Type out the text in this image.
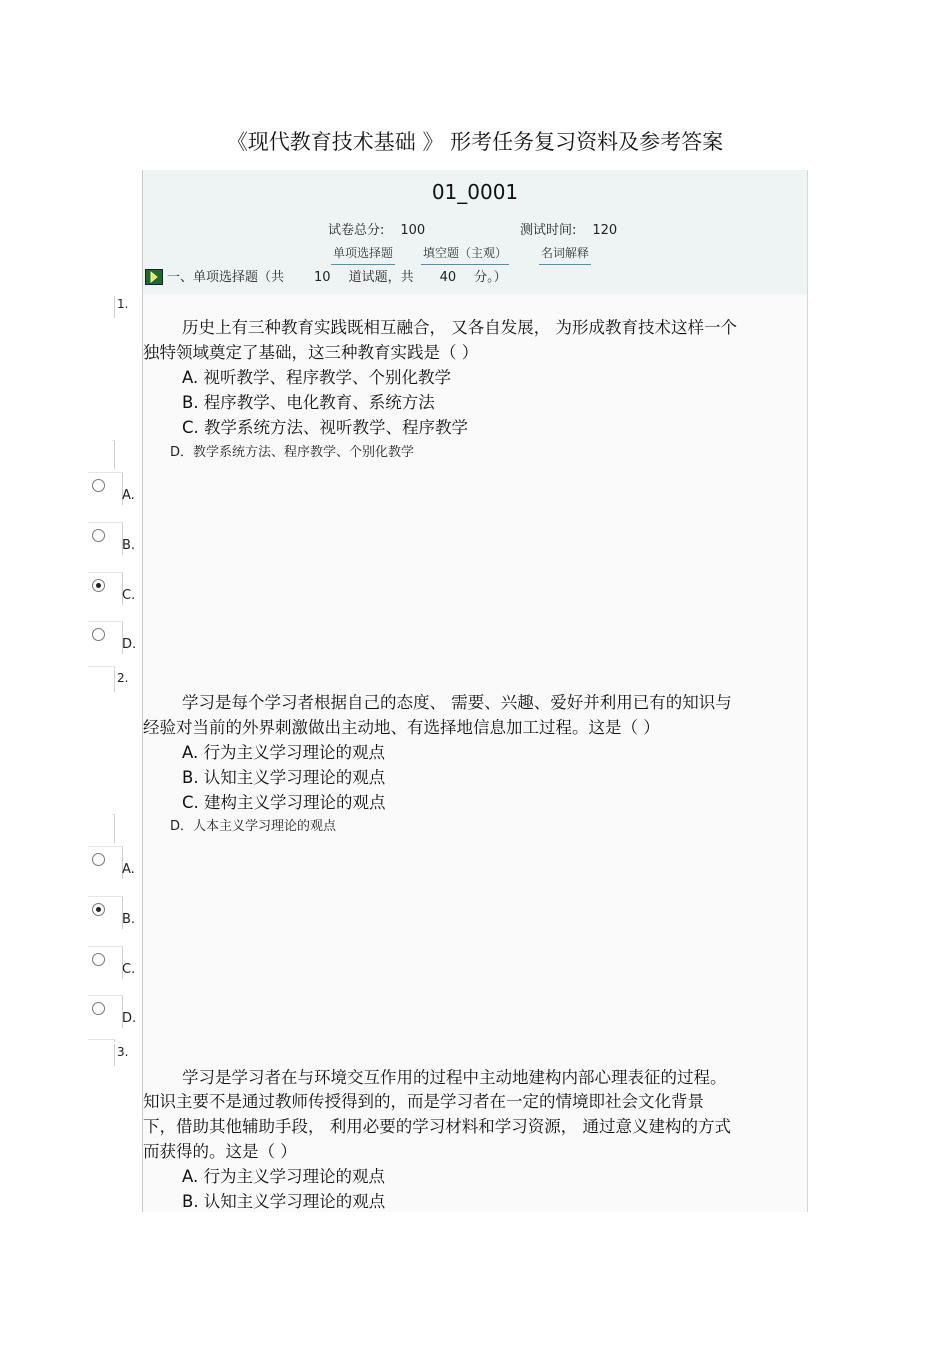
《现代教育技术基础 》 形考任务复习资料及参考答案
01_0001
试卷总分: 100	测试时间: 120
单项选择题 填空题（主观）	名词解释
一、单项选择题（共 10 道试题，共 40 分。）
1.
历史上有三种教育实践既相互融合， 又各自发展， 为形成教育技术这样一个
独特领域奠定了基础，这三种教育实践是（ ）
A. 视听教学、程序教学、个别化教学
B. 程序教学、电化教育、系统方法
C. 教学系统方法、视听教学、程序教学
D．教学系统方法、程序教学、个别化教学
A.
B.
C.
D.
2.
学习是每个学习者根据自己的态度、 需要、兴趣、爱好并利用已有的知识与
经验对当前的外界刺激做出主动地、有选择地信息加工过程。这是（ ）
A. 行为主义学习理论的观点
B. 认知主义学习理论的观点
C. 建构主义学习理论的观点
D．人本主义学习理论的观点
A.
B.
C.
D.
3.
学习是学习者在与环境交互作用的过程中主动地建构内部心理表征的过程。
知识主要不是通过教师传授得到的，而是学习者在一定的情境即社会文化背景
下，借助其他辅助手段， 利用必要的学习材料和学习资源， 通过意义建构的方式
而获得的。这是（ ）
A. 行为主义学习理论的观点
B. 认知主义学习理论的观点
